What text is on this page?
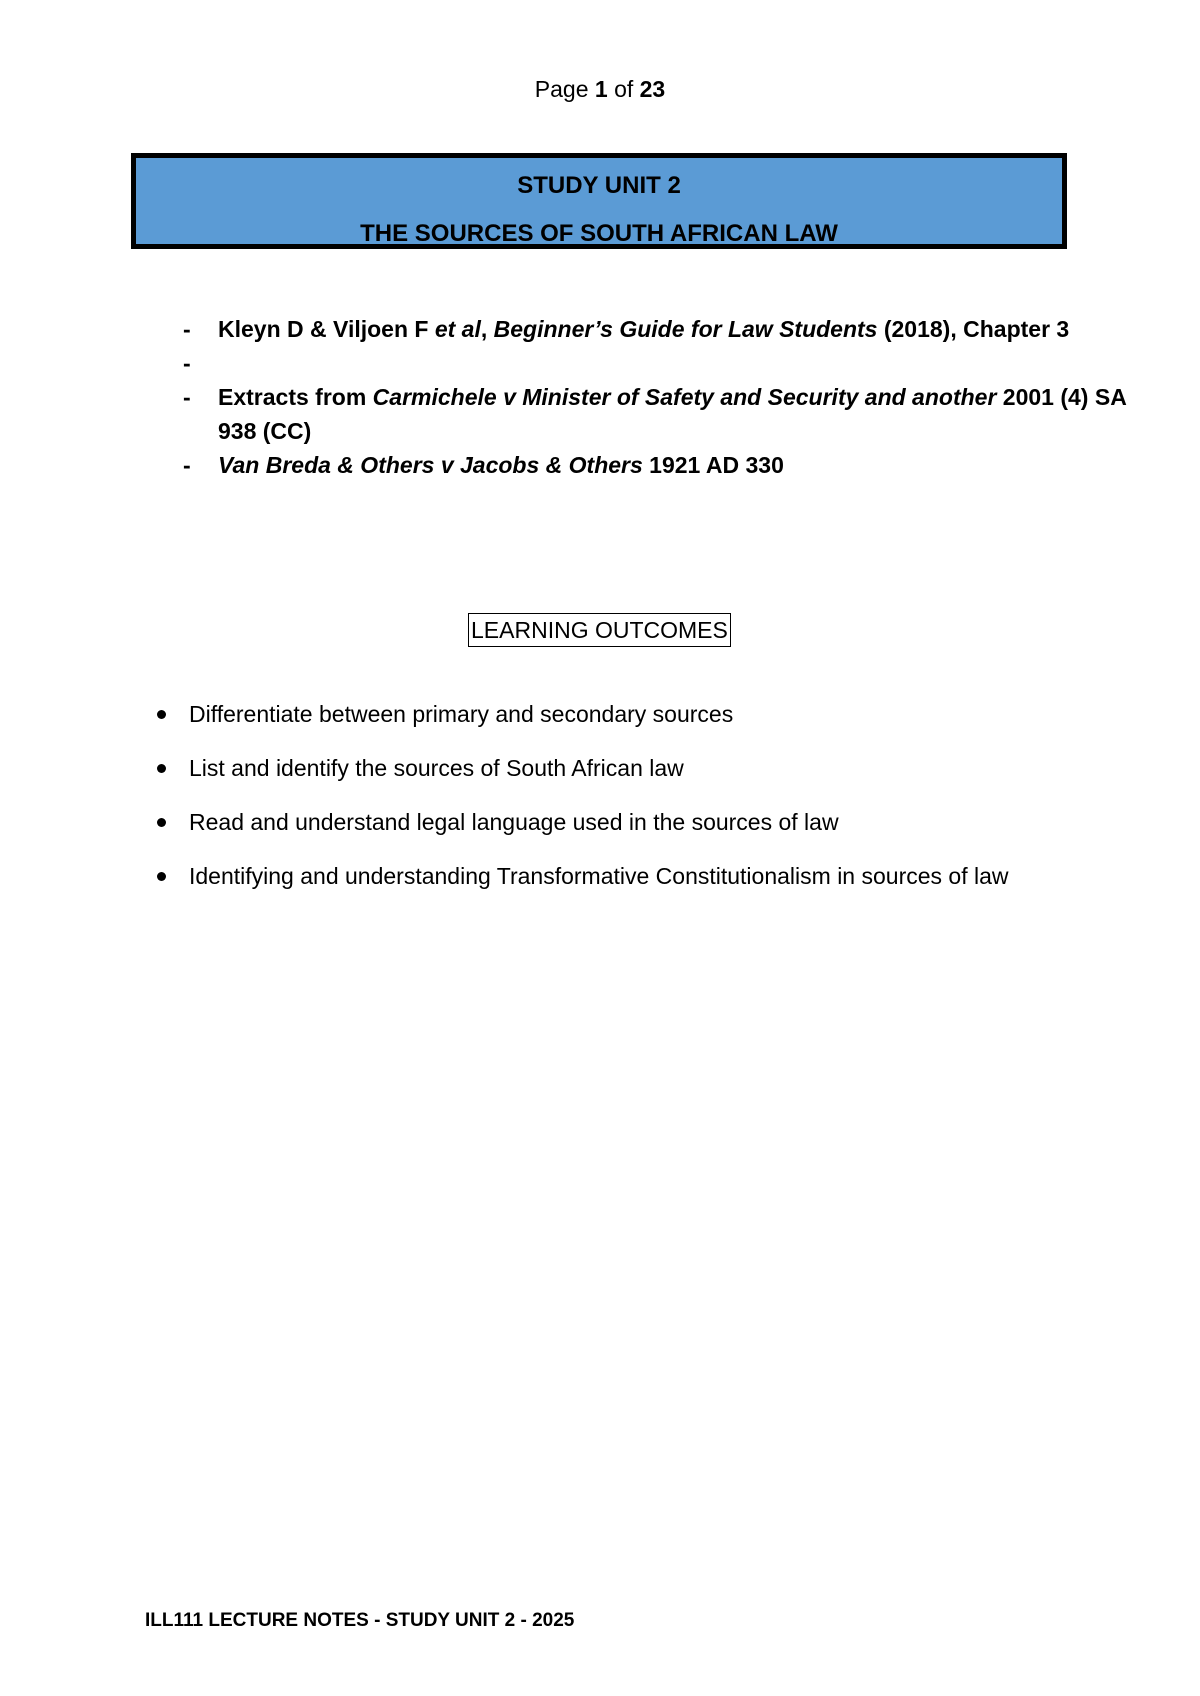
Page 1 of 23
STUDY UNIT 2
THE SOURCES OF SOUTH AFRICAN LAW
- Kleyn D & Viljoen F et al, Beginner’s Guide for Law Students (2018), Chapter 3
-
- Extracts from Carmichele v Minister of Safety and Security and another 2001 (4) SA 938 (CC)
- Van Breda & Others v Jacobs & Others 1921 AD 330
LEARNING OUTCOMES
Differentiate between primary and secondary sources
List and identify the sources of South African law
Read and understand legal language used in the sources of law
Identifying and understanding Transformative Constitutionalism in sources of law
ILL111 LECTURE NOTES - STUDY UNIT 2 - 2025
